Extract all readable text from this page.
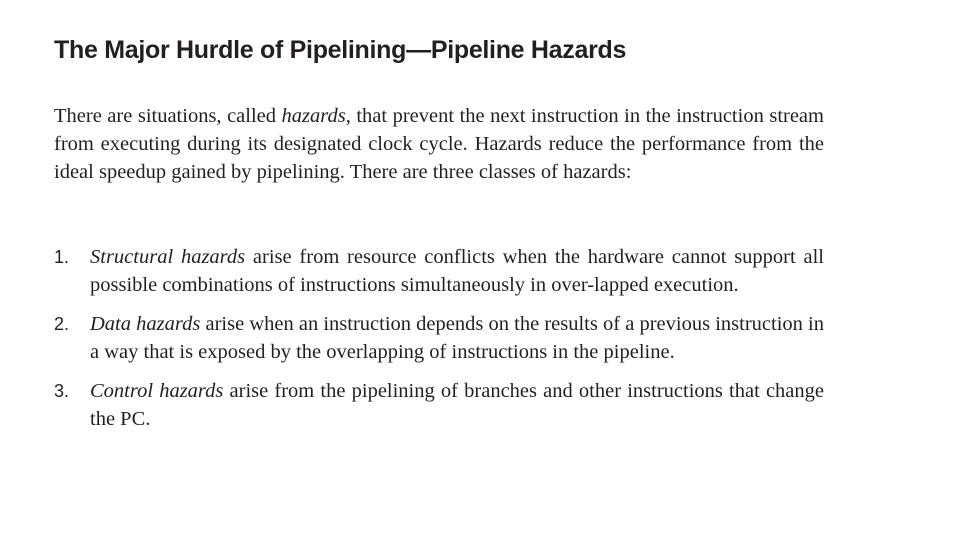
The Major Hurdle of Pipelining—Pipeline Hazards

There are situations, called hazards, that prevent the next instruction in the instruction stream from executing during its designated clock cycle. Hazards reduce the performance from the ideal speedup gained by pipelining. There are three classes of hazards:

1. Structural hazards arise from resource conflicts when the hardware cannot support all possible combinations of instructions simultaneously in over-lapped execution.
2. Data hazards arise when an instruction depends on the results of a previous instruction in a way that is exposed by the overlapping of instructions in the pipeline.
3. Control hazards arise from the pipelining of branches and other instructions that change the PC.
